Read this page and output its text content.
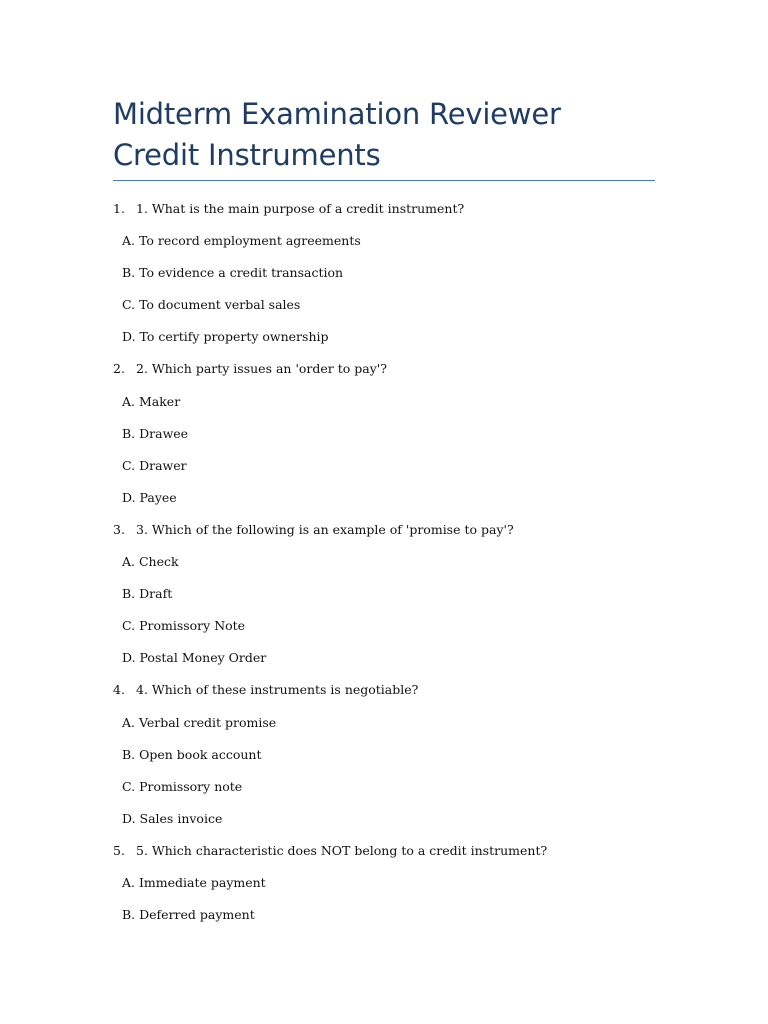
Midterm Examination Reviewer
Credit Instruments
1. 1. What is the main purpose of a credit instrument?
A. To record employment agreements
B. To evidence a credit transaction
C. To document verbal sales
D. To certify property ownership
2. 2. Which party issues an 'order to pay'?
A. Maker
B. Drawee
C. Drawer
D. Payee
3. 3. Which of the following is an example of 'promise to pay'?
A. Check
B. Draft
C. Promissory Note
D. Postal Money Order
4. 4. Which of these instruments is negotiable?
A. Verbal credit promise
B. Open book account
C. Promissory note
D. Sales invoice
5. 5. Which characteristic does NOT belong to a credit instrument?
A. Immediate payment
B. Deferred payment
